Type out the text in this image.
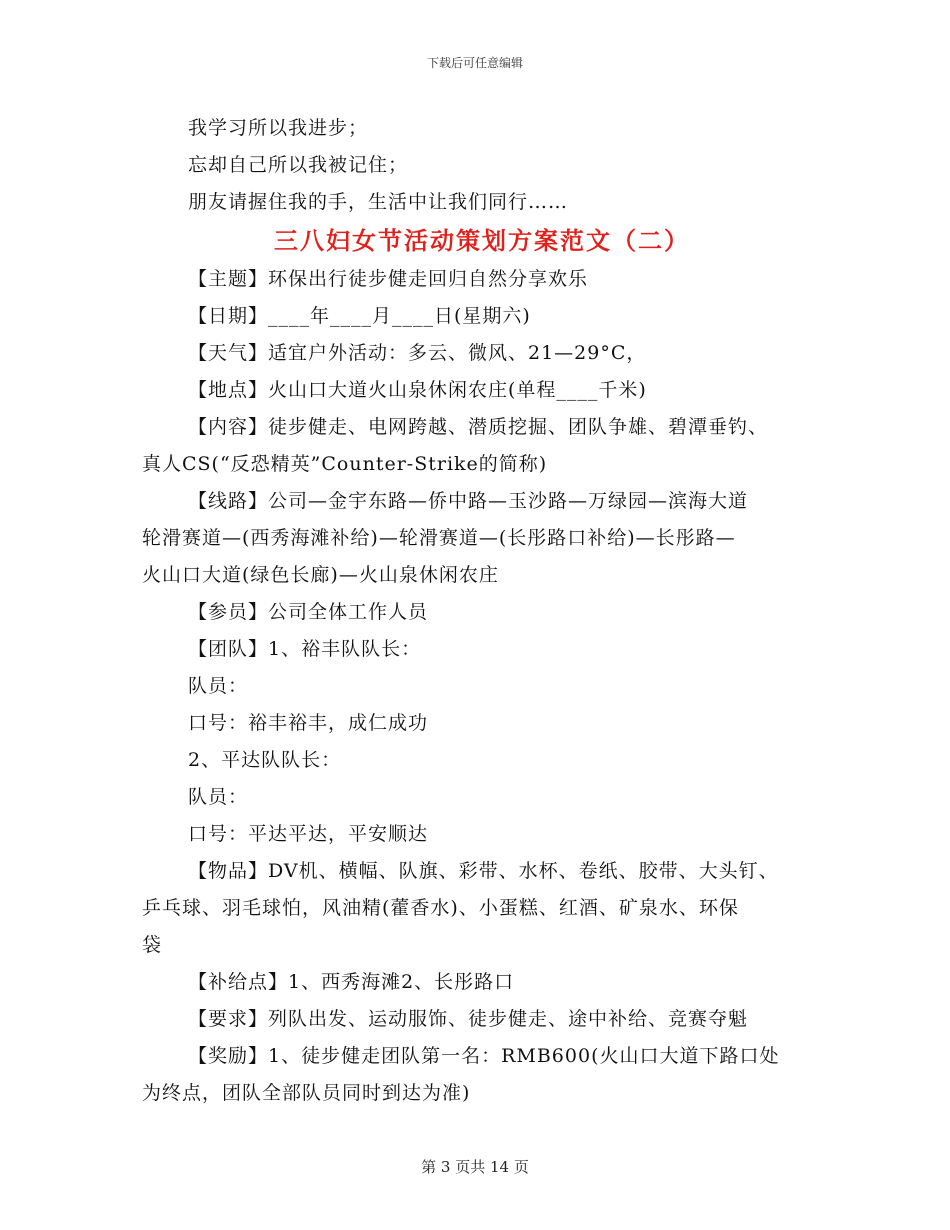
下载后可任意编辑
我学习所以我进步；
忘却自己所以我被记住；
朋友请握住我的手，生活中让我们同行……
三八妇女节活动策划方案范文（二）
【主题】环保出行徒步健走回归自然分享欢乐
【日期】____年____月____日(星期六)
【天气】适宜户外活动：多云、微风、21—29°C，
【地点】火山口大道火山泉休闲农庄(单程____千米)
【内容】徒步健走、电网跨越、潜质挖掘、团队争雄、碧潭垂钓、
真人CS(“反恐精英”Counter-Strike的简称)
【线路】公司—金宇东路—侨中路—玉沙路—万绿园—滨海大道
轮滑赛道—(西秀海滩补给)—轮滑赛道—(长彤路口补给)—长彤路—
火山口大道(绿色长廊)—火山泉休闲农庄
【参员】公司全体工作人员
【团队】1、裕丰队队长：
队员：
口号：裕丰裕丰，成仁成功
2、平达队队长：
队员：
口号：平达平达，平安顺达
【物品】DV机、横幅、队旗、彩带、水杯、卷纸、胶带、大头钉、
乒乓球、羽毛球怕，风油精(藿香水)、小蛋糕、红酒、矿泉水、环保
袋
【补给点】1、西秀海滩2、长彤路口
【要求】列队出发、运动服饰、徒步健走、途中补给、竞赛夺魁
【奖励】1、徒步健走团队第一名：RMB600(火山口大道下路口处
为终点，团队全部队员同时到达为准)
第 3 页共 14 页
